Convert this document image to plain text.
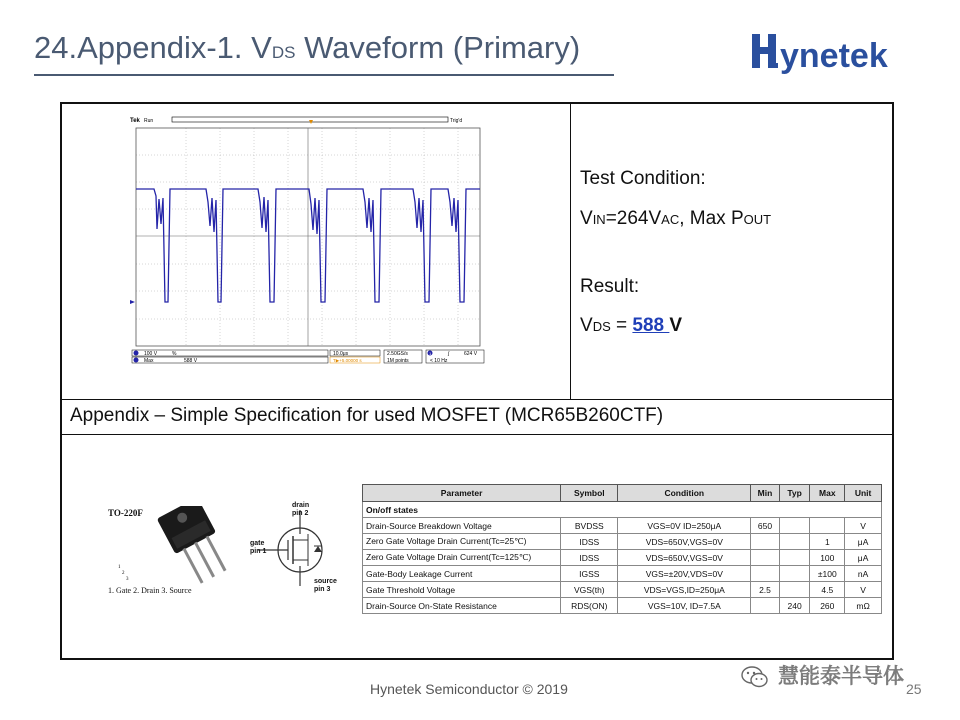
24.Appendix-1. VDS Waveform (Primary)	ynetek
Tek Run	Trig'd
100 V	%
Max	588 V
10.0μs
T▶+5.00000 s
2.50GS/s
1M points
1	∫	624 V
< 10 Hz
Test Condition:
VIN=264VAC, Max POUT
Result:
VDS = 588 V
Appendix – Simple Specification for used MOSFET (MCR65B260CTF)
1
2
3
TO-220F
1. Gate 2. Drain 3. Source
drain
pin 2
gate
pin 1
source
pin 3
Parameter	Symbol	Condition	Min	Typ	Max	Unit
On/off states						
Drain-Source Breakdown Voltage	BVDSS	VGS=0V ID=250μA	650			V
Zero Gate Voltage Drain Current(Tc=25℃)	IDSS	VDS=650V,VGS=0V			1	μA
Zero Gate Voltage Drain Current(Tc=125℃)	IDSS	VDS=650V,VGS=0V			100	μA
Gate-Body Leakage Current	IGSS	VGS=±20V,VDS=0V			±100	nA
Gate Threshold Voltage	VGS(th)	VDS=VGS,ID=250μA	2.5		4.5	V
Drain-Source On-State Resistance	RDS(ON)	VGS=10V, ID=7.5A		240	260	mΩ
Hynetek Semiconductor © 2019	25
慧能泰半导体
